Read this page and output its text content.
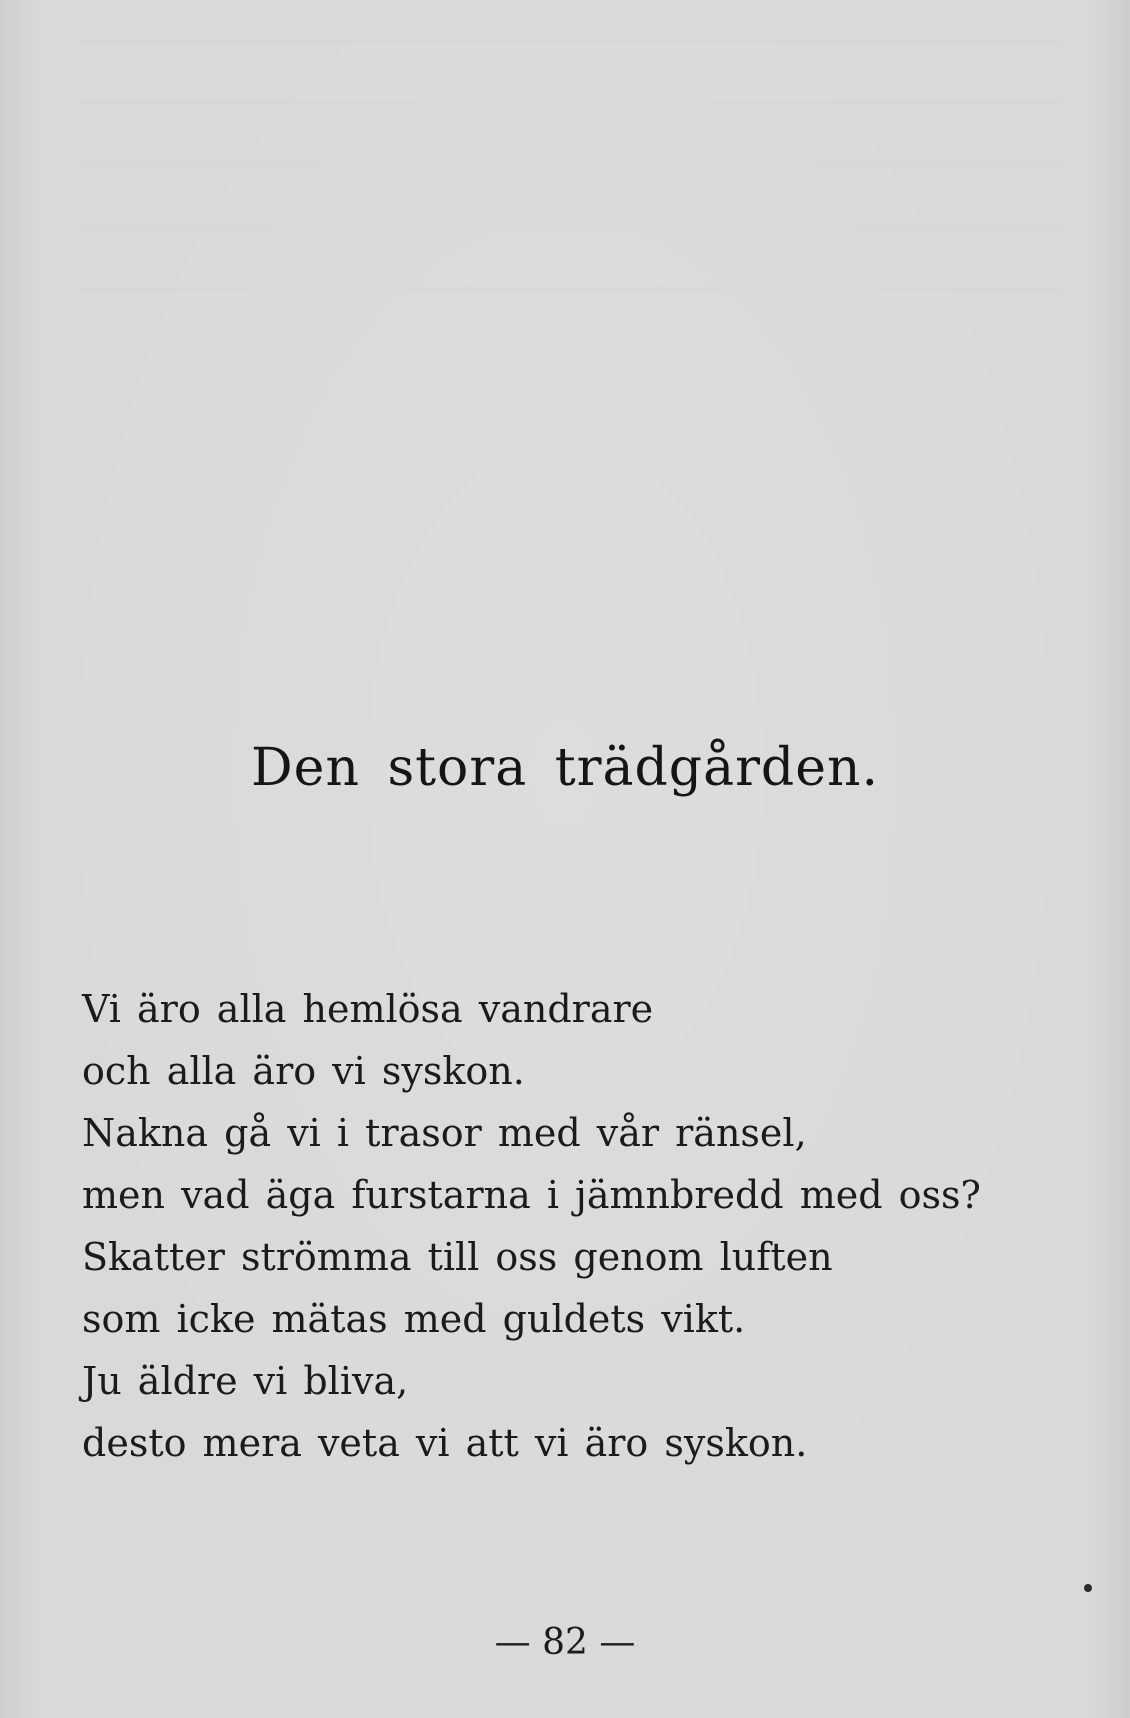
Den stora trädgården.
Vi äro alla hemlösa vandrare
och alla äro vi syskon.
Nakna gå vi i trasor med vår ränsel,
men vad äga furstarna i jämnbredd med oss?
Skatter strömma till oss genom luften
som icke mätas med guldets vikt.
Ju äldre vi bliva,
desto mera veta vi att vi äro syskon.
— 82 —
